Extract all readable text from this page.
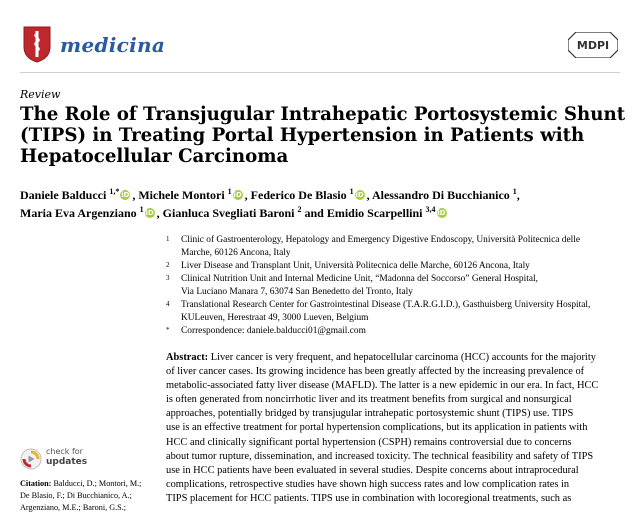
medicina	MDPI
Review
The Role of Transjugular Intrahepatic Portosystemic Shunt
(TIPS) in Treating Portal Hypertension in Patients with
Hepatocellular Carcinoma
Daniele Balducci $^{1,*}$ iD , Michele Montori $^1$ iD , Federico De Blasio $^1$ iD , Alessandro Di Bucchianico $^1$,
Maria Eva Argenziano $^1$ iD , Gianluca Svegliati Baroni $^2$ and Emidio Scarpellini $^{3,4}$ iD
1 Clinic of Gastroenterology, Hepatology and Emergency Digestive Endoscopy, Università Politecnica delle
Marche, 60126 Ancona, Italy
2 Liver Disease and Transplant Unit, Università Politecnica delle Marche, 60126 Ancona, Italy
3 Clinical Nutrition Unit and Internal Medicine Unit, “Madonna del Soccorso” General Hospital,
Via Luciano Manara 7, 63074 San Benedetto del Tronto, Italy
4 Translational Research Center for Gastrointestinal Disease (T.A.R.G.I.D.), Gasthuisberg University Hospital,
KULeuven, Herestraat 49, 3000 Lueven, Belgium
* Correspondence: daniele.balducci01@gmail.com
Abstract: Liver cancer is very frequent, and hepatocellular carcinoma (HCC) accounts for the majority
of liver cancer cases. Its growing incidence has been greatly affected by the increasing prevalence of
metabolic-associated fatty liver disease (MAFLD). The latter is a new epidemic in our era. In fact, HCC
is often generated from noncirrhotic liver and its treatment benefits from surgical and nonsurgical
approaches, potentially bridged by transjugular intrahepatic portosystemic shunt (TIPS) use. TIPS
use is an effective treatment for portal hypertension complications, but its application in patients with
HCC and clinically significant portal hypertension (CSPH) remains controversial due to concerns
about tumor rupture, dissemination, and increased toxicity. The technical feasibility and safety of TIPS
use in HCC patients have been evaluated in several studies. Despite concerns about intraprocedural
complications, retrospective studies have shown high success rates and low complication rates in
TIPS placement for HCC patients. TIPS use in combination with locoregional treatments, such as
check for
updates
Citation: Balducci, D.; Montori, M.;
De Blasio, F.; Di Bucchianico, A.;
Argenziano, M.E.; Baroni, G.S.;
